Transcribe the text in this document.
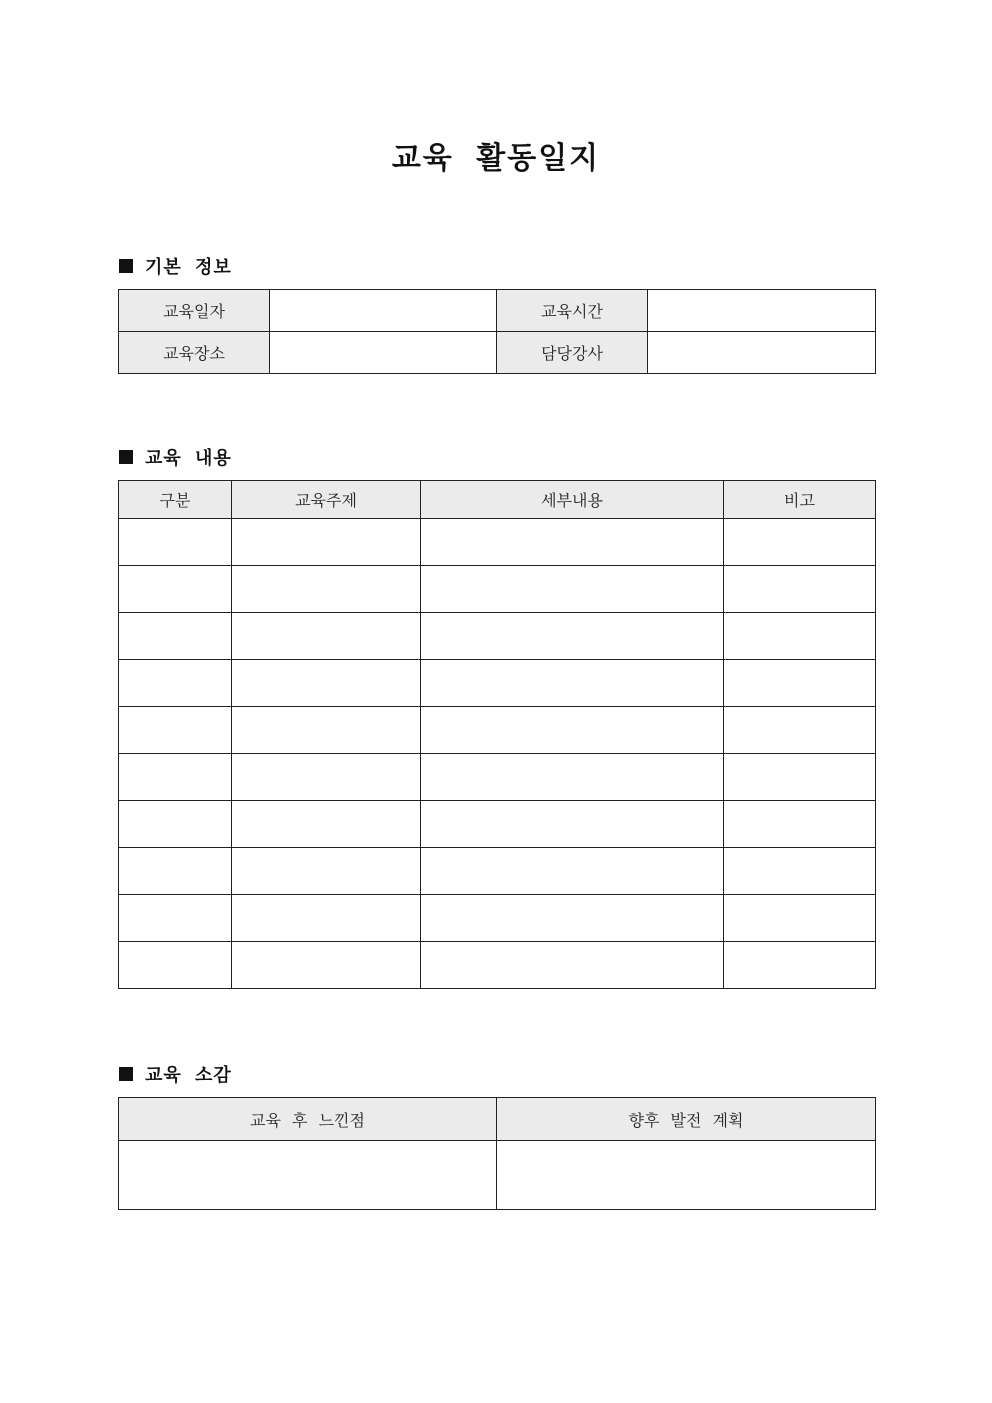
교육 활동일지
기본 정보
교육일자		교육시간	
교육장소		담당강사	
교육 내용
구분	교육주제	세부내용	비고

교육 소감
교육 후 느낀점	향후 발전 계획
